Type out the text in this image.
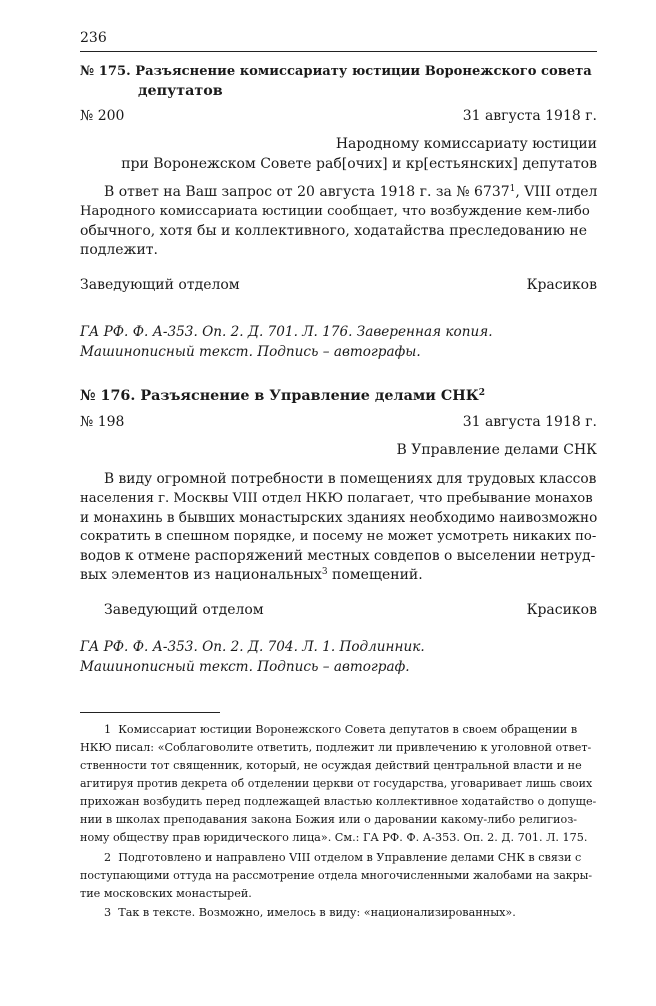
236
№ 175. Разъяснение комиссариату юстиции Воронежского совета
депутатов
№ 200	31 августа 1918 г.
Народному комиссариату юстиции
при Воронежском Совете раб[очих] и кр[естьянских] депутатов
В ответ на Ваш запрос от 20 августа 1918 г. за № 6737$^1$, VIII отдел
Народного комиссариата юстиции сообщает, что возбуждение кем-либо
обычного, хотя бы и коллективного, ходатайства преследованию не
подлежит.
Заведующий отделом	Красиков
ГА РФ. Ф. А-353. Оп. 2. Д. 701. Л. 176. Заверенная копия.
Машинописный текст. Подпись – автографы.
№ 176. Разъяснение в Управление делами СНК$^2$
№ 198	31 августа 1918 г.
В Управление делами СНК
В виду огромной потребности в помещениях для трудовых классов
населения г. Москвы VIII отдел НКЮ полагает, что пребывание монахов
и монахинь в бывших монастырских зданиях необходимо наивозможно
сократить в спешном порядке, и посему не может усмотреть никаких по-
водов к отмене распоряжений местных совдепов о выселении нетруд-
вых элементов из национальных$^3$ помещений.
Заведующий отделом	Красиков
ГА РФ. Ф. А-353. Оп. 2. Д. 704. Л. 1. Подлинник.
Машинописный текст. Подпись – автограф.
1 Комиссариат юстиции Воронежского Совета депутатов в своем обращении в
НКЮ писал: «Соблаговолите ответить, подлежит ли привлечению к уголовной ответ-
ственности тот священник, который, не осуждая действий центральной власти и не
агитируя против декрета об отделении церкви от государства, уговаривает лишь своих
прихожан возбудить перед подлежащей властью коллективное ходатайство о допуще-
нии в школах преподавания закона Божия или о даровании какому-либо религиоз-
ному обществу прав юридического лица». См.: ГА РФ. Ф. А-353. Оп. 2. Д. 701. Л. 175.
2 Подготовлено и направлено VIII отделом в Управление делами СНК в связи с
поступающими оттуда на рассмотрение отдела многочисленными жалобами на закры-
тие московских монастырей.
3 Так в тексте. Возможно, имелось в виду: «национализированных».
